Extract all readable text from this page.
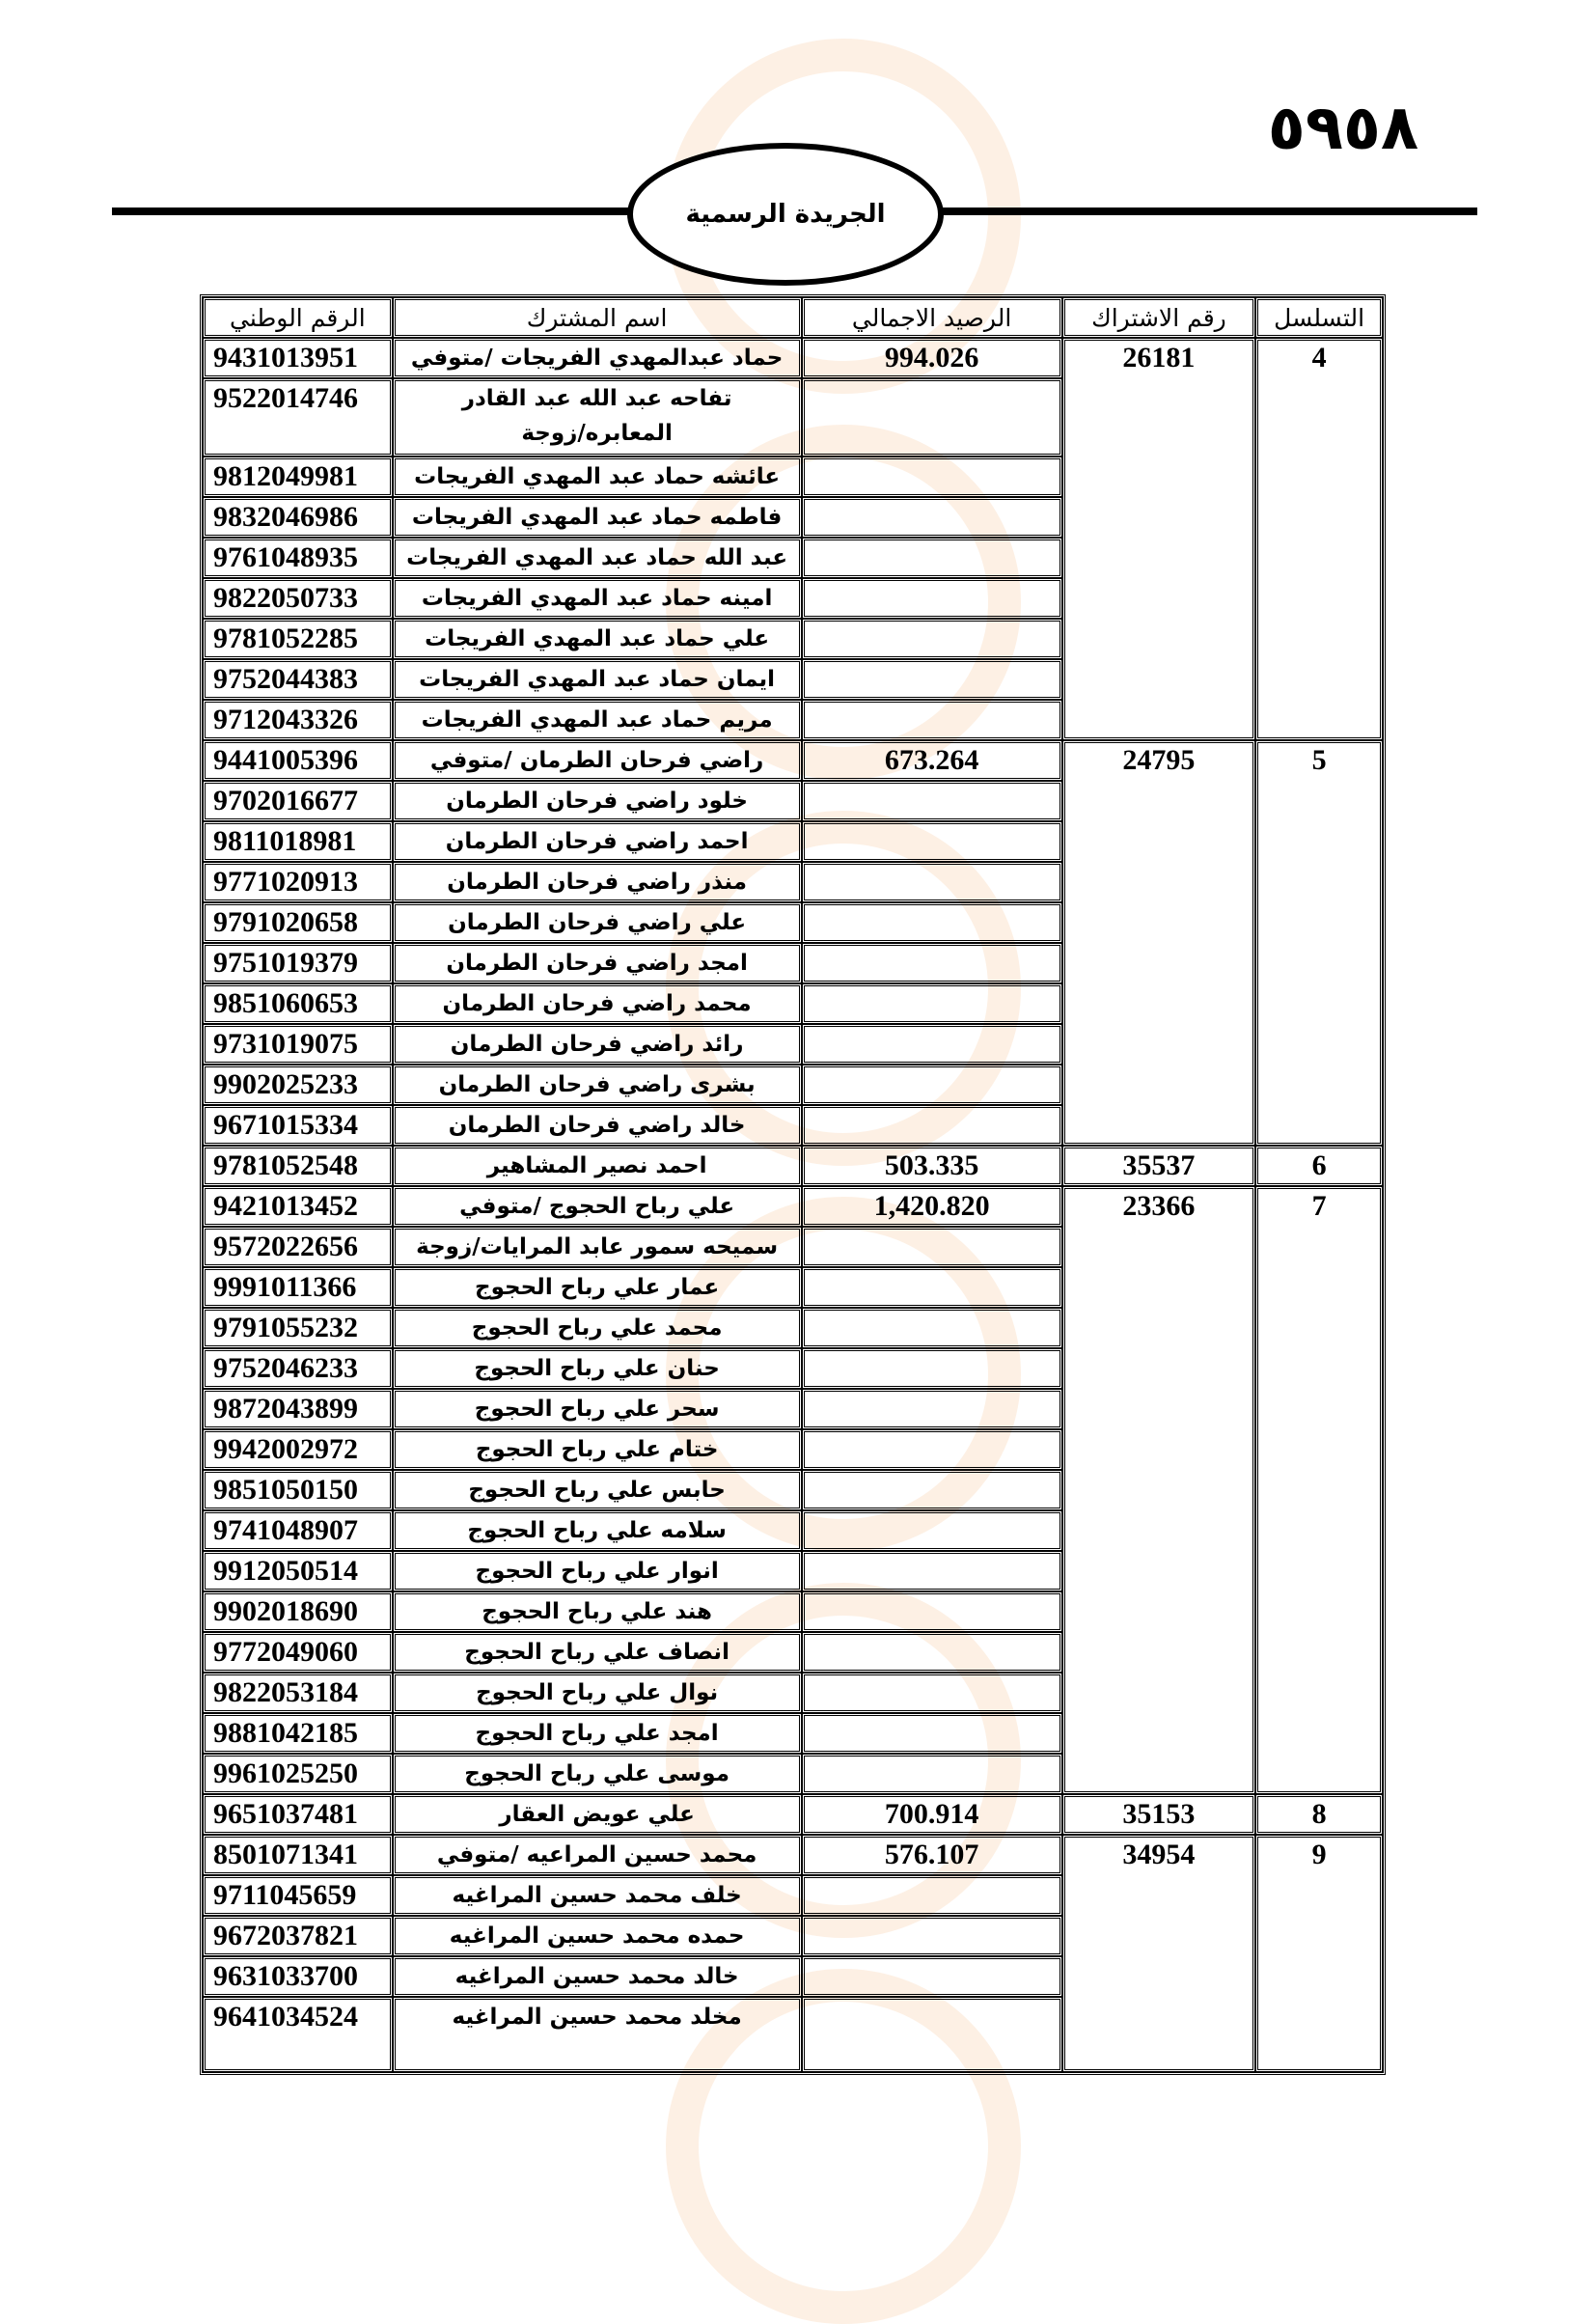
٥٩٥٨
الجريدة الرسمية
التسلسل	رقم الاشتراك	الرصيد الاجمالي	اسم المشترك	الرقم الوطني
4	26181	994.026	حماد عبدالمهدي الفريجات /متوفي	9431013951
			تفاحه عبد الله عبد القادر المعابره/زوجة	9522014746
			عائشه حماد عبد المهدي الفريجات	9812049981
			فاطمه حماد عبد المهدي الفريجات	9832046986
			عبد الله حماد عبد المهدي الفريجات	9761048935
			امينه حماد عبد المهدي الفريجات	9822050733
			علي حماد عبد المهدي الفريجات	9781052285
			ايمان حماد عبد المهدي الفريجات	9752044383
			مريم حماد عبد المهدي الفريجات	9712043326
5	24795	673.264	راضي فرحان الطرمان /متوفي	9441005396
			خلود راضي فرحان الطرمان	9702016677
			احمد راضي فرحان الطرمان	9811018981
			منذر راضي فرحان الطرمان	9771020913
			علي راضي فرحان الطرمان	9791020658
			امجد راضي فرحان الطرمان	9751019379
			محمد راضي فرحان الطرمان	9851060653
			رائد راضي فرحان الطرمان	9731019075
			بشرى راضي فرحان الطرمان	9902025233
			خالد راضي فرحان الطرمان	9671015334
6	35537	503.335	احمد نصير المشاهير	9781052548
7	23366	1,420.820	علي رباح الحجوج /متوفي	9421013452
			سميحه سمور عابد المرايات/زوجة	9572022656
			عمار علي رباح الحجوج	9991011366
			محمد علي رباح الحجوج	9791055232
			حنان علي رباح الحجوج	9752046233
			سحر علي رباح الحجوج	9872043899
			ختام علي رباح الحجوج	9942002972
			حابس علي رباح الحجوج	9851050150
			سلامه علي رباح الحجوج	9741048907
			انوار علي رباح الحجوج	9912050514
			هند علي رباح الحجوج	9902018690
			انصاف علي رباح الحجوج	9772049060
			نوال علي رباح الحجوج	9822053184
			امجد علي رباح الحجوج	9881042185
			موسى علي رباح الحجوج	9961025250
8	35153	700.914	علي عويض العقار	9651037481
9	34954	576.107	محمد حسين المراعيه /متوفي	8501071341
			خلف محمد حسين المراغيه	9711045659
			حمده محمد حسين المراغيه	9672037821
			خالد محمد حسين المراغيه	9631033700
			مخلد محمد حسين المراغيه	9641034524
